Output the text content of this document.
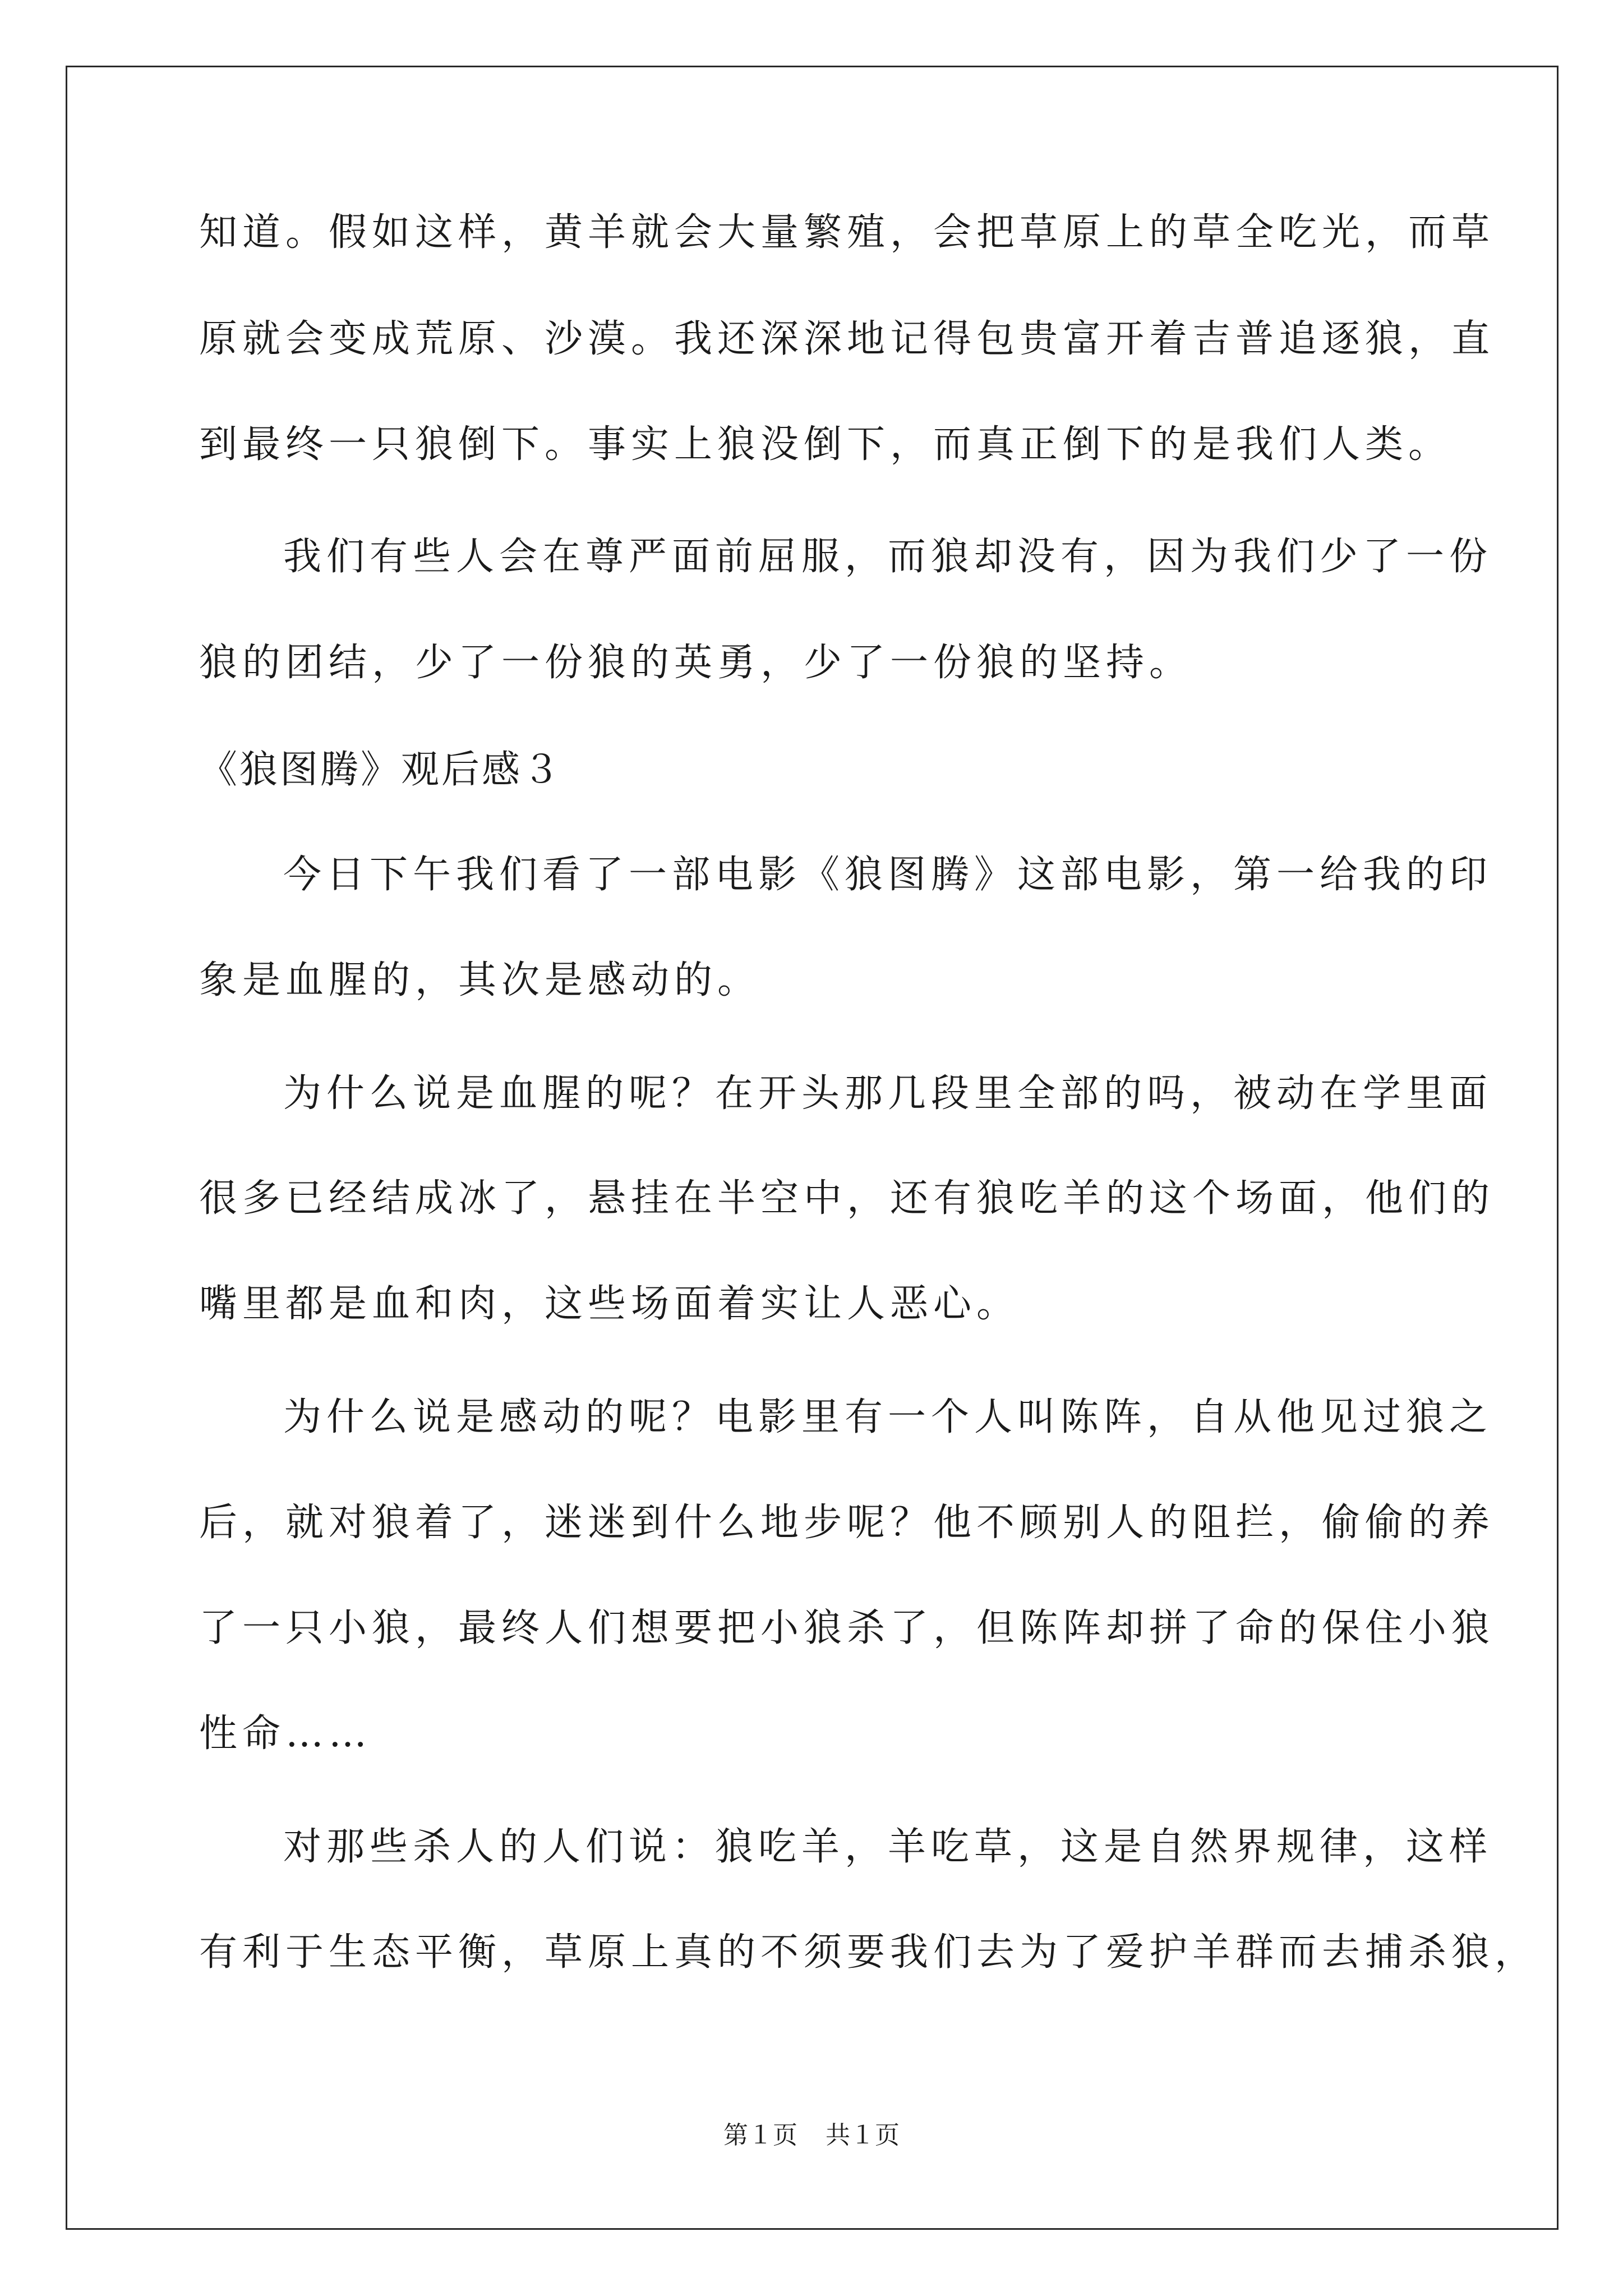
知道。假如这样，黄羊就会大量繁殖，会把草原上的草全吃光，而草
原就会变成荒原、沙漠。我还深深地记得包贵富开着吉普追逐狼，直
到最终一只狼倒下。事实上狼没倒下，而真正倒下的是我们人类。
我们有些人会在尊严面前屈服，而狼却没有，因为我们少了一份
狼的团结，少了一份狼的英勇，少了一份狼的坚持。
《狼图腾》观后感３
今日下午我们看了一部电影《狼图腾》这部电影，第一给我的印
象是血腥的，其次是感动的。
为什么说是血腥的呢？在开头那几段里全部的吗，被动在学里面
很多已经结成冰了，悬挂在半空中，还有狼吃羊的这个场面，他们的
嘴里都是血和肉，这些场面着实让人恶心。
为什么说是感动的呢？电影里有一个人叫陈阵，自从他见过狼之
后，就对狼着了，迷迷到什么地步呢？他不顾别人的阻拦，偷偷的养
了一只小狼，最终人们想要把小狼杀了，但陈阵却拼了命的保住小狼
性命……
对那些杀人的人们说：狼吃羊，羊吃草，这是自然界规律，这样
有利于生态平衡，草原上真的不须要我们去为了爱护羊群而去捕杀狼，
第１页 共１页
